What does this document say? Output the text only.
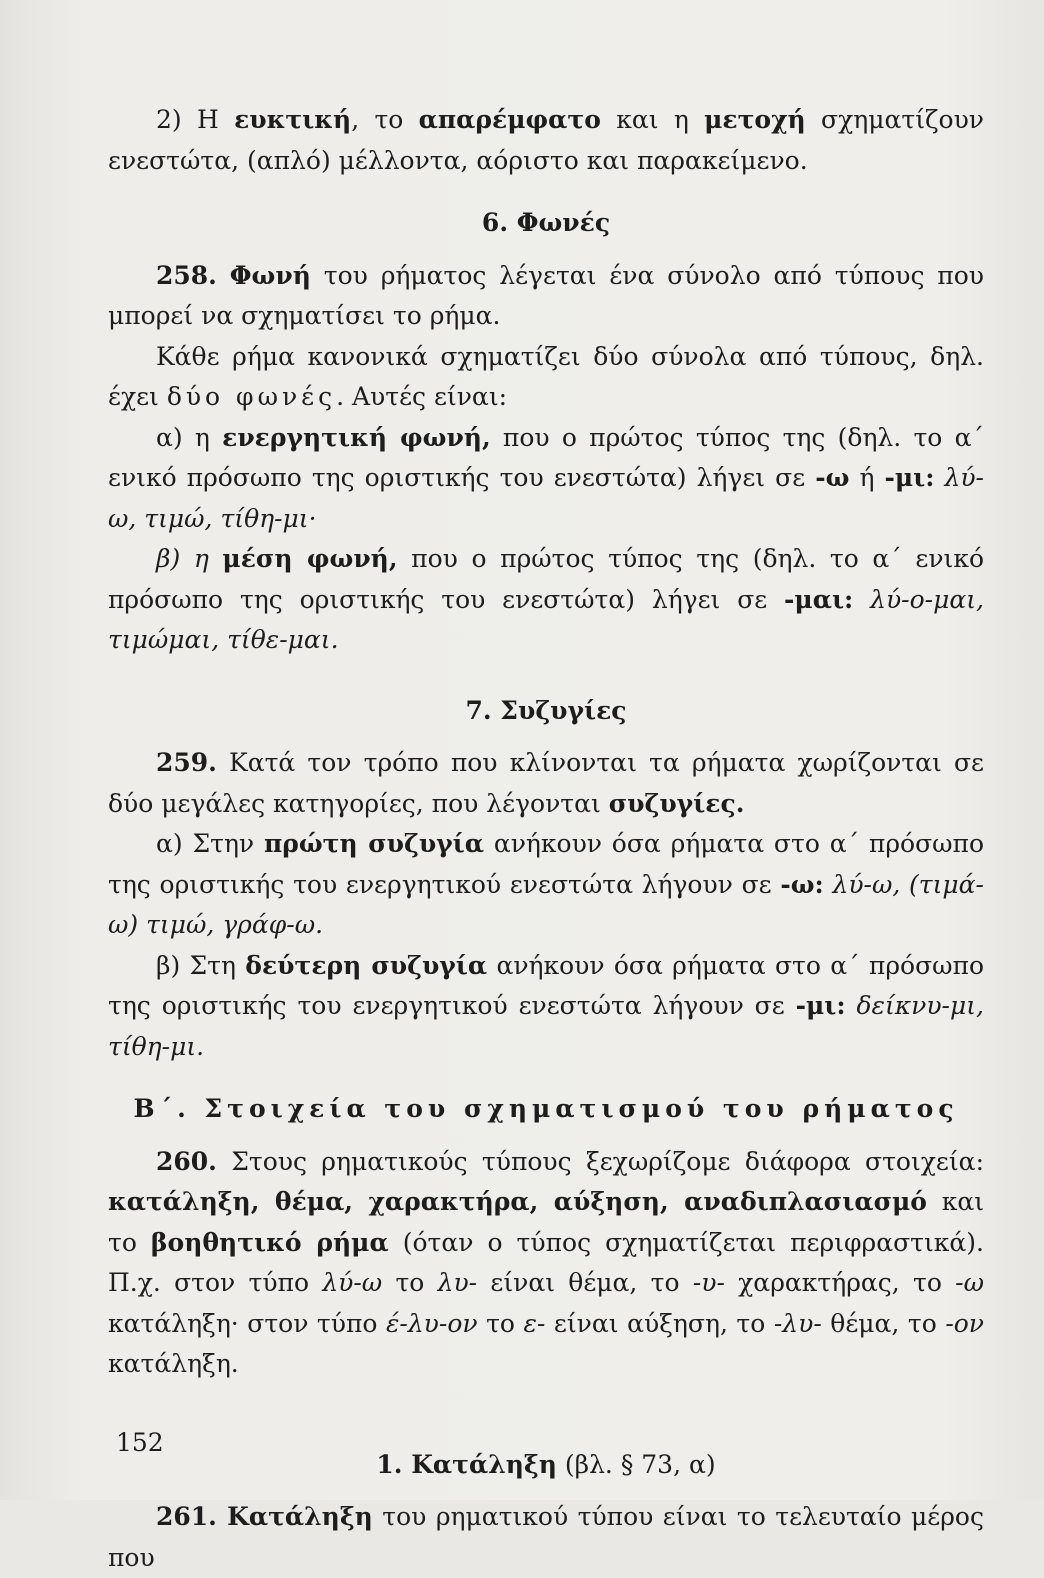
2) Η ευκτική, το απαρέμφατο και η μετοχή σχηματίζουν ενεστώτα, (απλό) μέλλοντα, αόριστο και παρακείμενο.

6. Φωνές

258. Φωνή του ρήματος λέγεται ένα σύνολο από τύπους που μπορεί να σχηματίσει το ρήμα.

Κάθε ρήμα κανονικά σχηματίζει δύο σύνολα από τύπους, δηλ. έχει δύο φωνές. Αυτές είναι:

α) η ενεργητική φωνή, που ο πρώτος τύπος της (δηλ. το α΄ ενικό πρόσωπο της οριστικής του ενεστώτα) λήγει σε -ω ή -μι: λύ-ω, τιμώ, τίθη-μι·

β) η μέση φωνή, που ο πρώτος τύπος της (δηλ. το α΄ ενικό πρόσωπο της οριστικής του ενεστώτα) λήγει σε -μαι: λύ-ο-μαι, τιμώμαι, τίθε-μαι.

7. Συζυγίες

259. Κατά τον τρόπο που κλίνονται τα ρήματα χωρίζονται σε δύο μεγάλες κατηγορίες, που λέγονται συζυγίες.

α) Στην πρώτη συζυγία ανήκουν όσα ρήματα στο α΄ πρόσωπο της οριστικής του ενεργητικού ενεστώτα λήγουν σε -ω: λύ-ω, (τιμά-ω) τιμώ, γράφ-ω.

β) Στη δεύτερη συζυγία ανήκουν όσα ρήματα στο α΄ πρόσωπο της οριστικής του ενεργητικού ενεστώτα λήγουν σε -μι: δείκνυ-μι, τίθη-μι.

Β΄. Στοιχεία του σχηματισμού του ρήματος

260. Στους ρηματικούς τύπους ξεχωρίζομε διάφορα στοιχεία: κατάληξη, θέμα, χαρακτήρα, αύξηση, αναδιπλασιασμό και το βοηθητικό ρήμα (όταν ο τύπος σχηματίζεται περιφραστικά). Π.χ. στον τύπο λύ-ω το λυ- είναι θέμα, το -υ- χαρακτήρας, το -ω κατάληξη· στον τύπο έ-λυ-ον το ε- είναι αύξηση, το -λυ- θέμα, το -ον κατάληξη.

1. Κατάληξη (βλ. § 73, α)

261. Κατάληξη του ρηματικού τύπου είναι το τελευταίο μέρος που

152
